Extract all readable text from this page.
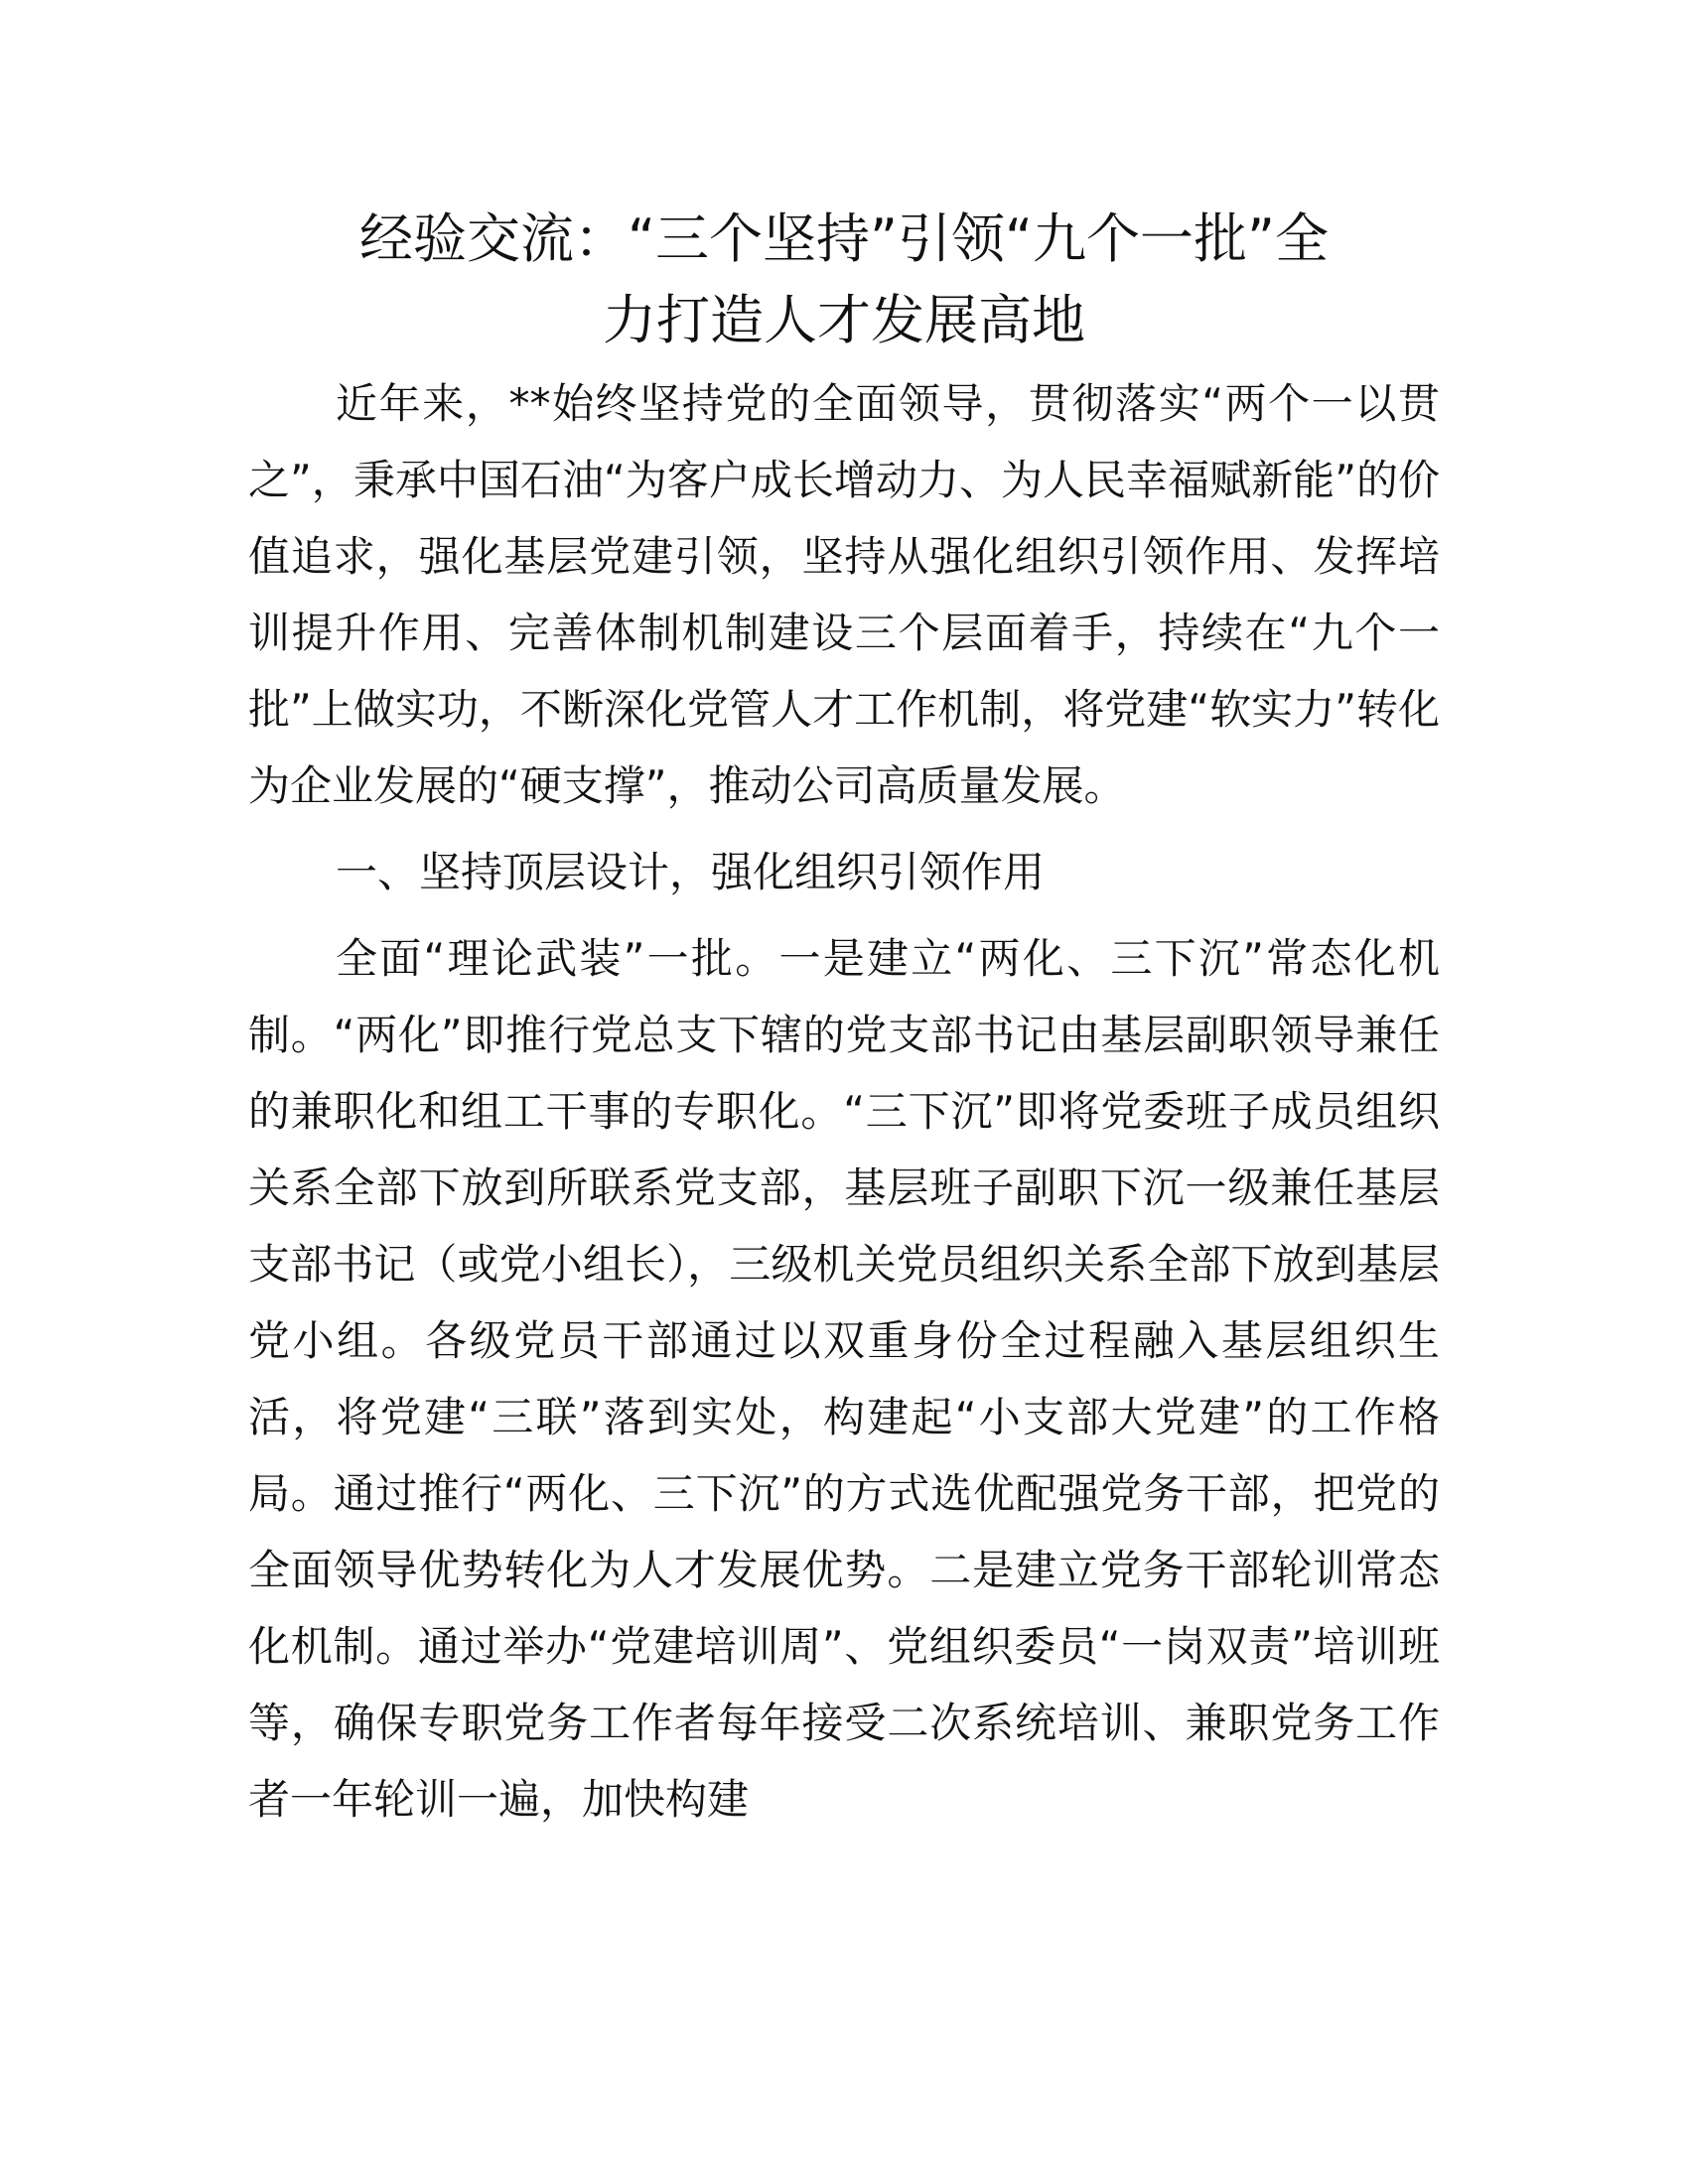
经验交流：“三个坚持”引领“九个一批”全
力打造人才发展高地

近年来，**始终坚持党的全面领导，贯彻落实“两个一以贯之”，秉承中国石油“为客户成长增动力、为人民幸福赋新能”的价值追求，强化基层党建引领，坚持从强化组织引领作用、发挥培训提升作用、完善体制机制建设三个层面着手，持续在“九个一批”上做实功，不断深化党管人才工作机制，将党建“软实力”转化为企业发展的“硬支撑”，推动公司高质量发展。

一、坚持顶层设计，强化组织引领作用

全面“理论武装”一批。一是建立“两化、三下沉”常态化机制。“两化”即推行党总支下辖的党支部书记由基层副职领导兼任的兼职化和组工干事的专职化。“三下沉”即将党委班子成员组织关系全部下放到所联系党支部，基层班子副职下沉一级兼任基层支部书记（或党小组长），三级机关党员组织关系全部下放到基层党小组。各级党员干部通过以双重身份全过程融入基层组织生活，将党建“三联”落到实处，构建起“小支部大党建”的工作格局。通过推行“两化、三下沉”的方式选优配强党务干部，把党的全面领导优势转化为人才发展优势。二是建立党务干部轮训常态化机制。通过举办“党建培训周”、党组织委员“一岗双责”培训班等，确保专职党务工作者每年接受二次系统培训、兼职党务工作者一年轮训一遍，加快构建
